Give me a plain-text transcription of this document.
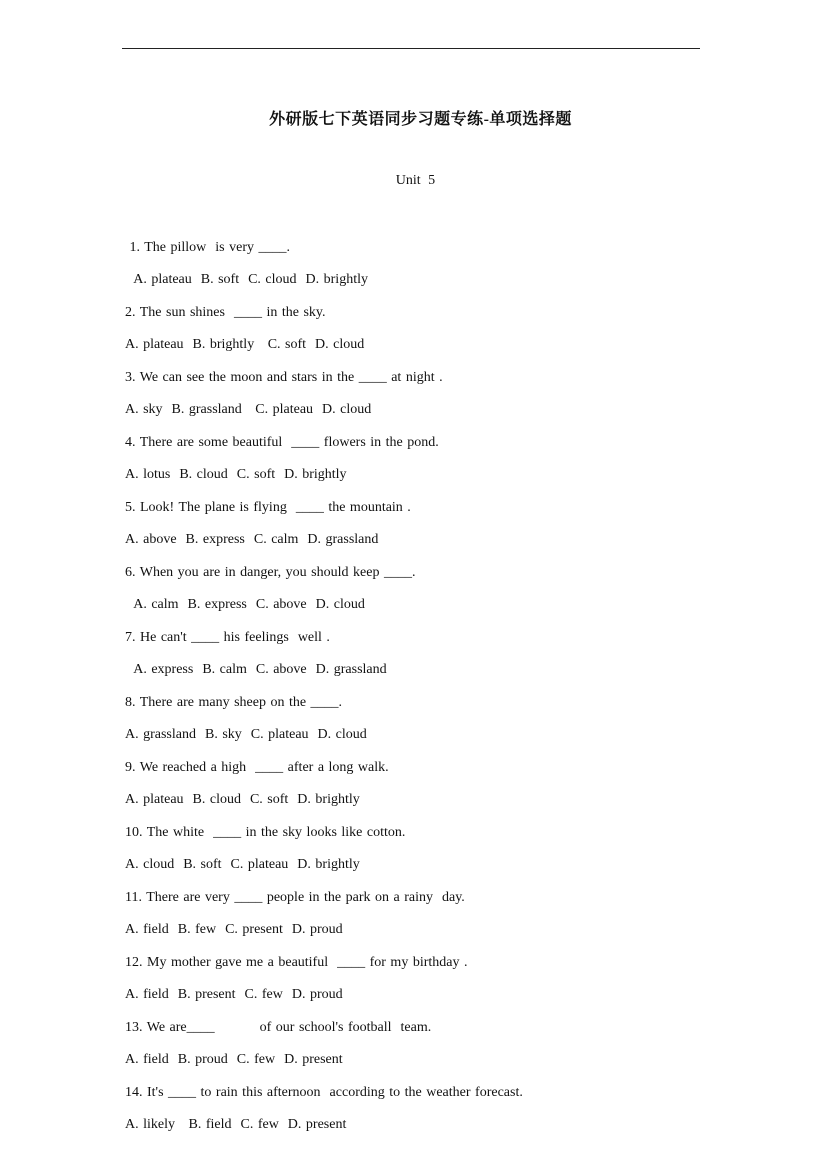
外研版七下英语同步习题专练-单项选择题
Unit 5
1. The pillow  is very ____.
A. plateau  B. soft  C. cloud  D. brightly
2. The sun shines  ____ in the sky.
A. plateau  B. brightly   C. soft  D. cloud
3. We can see the moon and stars in the ____ at night .
A. sky  B. grassland   C. plateau  D. cloud
4. There are some beautiful  ____ flowers in the pond.
A. lotus  B. cloud  C. soft  D. brightly
5. Look! The plane is flying  ____ the mountain .
A. above  B. express  C. calm  D. grassland
6. When you are in danger, you should keep ____.
A. calm  B. express  C. above  D. cloud
7. He can't ____ his feelings  well .
A. express  B. calm  C. above  D. grassland
8. There are many sheep on the ____.
A. grassland  B. sky  C. plateau  D. cloud
9. We reached a high  ____ after a long walk.
A. plateau  B. cloud  C. soft  D. brightly
10. The white  ____ in the sky looks like cotton.
A. cloud  B. soft  C. plateau  D. brightly
11. There are very ____ people in the park on a rainy  day.
A. field  B. few  C. present  D. proud
12. My mother gave me a beautiful  ____ for my birthday .
A. field  B. present  C. few  D. proud
13. We are____          of our school's football  team.
A. field  B. proud  C. few  D. present
14. It's ____ to rain this afternoon  according to the weather forecast.
A. likely   B. field  C. few  D. present
